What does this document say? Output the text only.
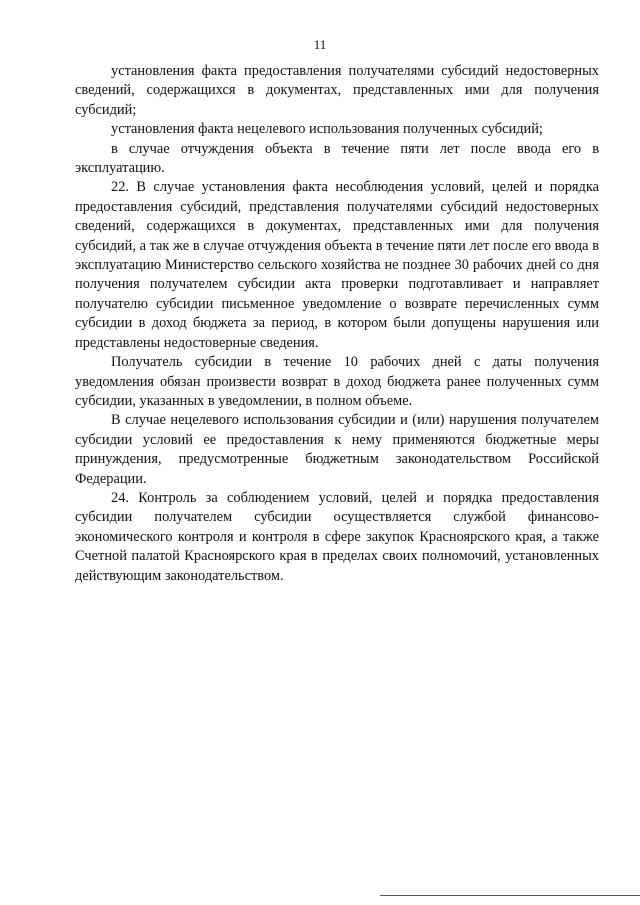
11

установления факта предоставления получателями субсидий недостоверных сведений, содержащихся в документах, представленных ими для получения субсидий;

установления факта нецелевого использования полученных субсидий;

в случае отчуждения объекта в течение пяти лет после ввода его в эксплуатацию.

22. В случае установления факта несоблюдения условий, целей и порядка предоставления субсидий, представления получателями субсидий недостоверных сведений, содержащихся в документах, представленных ими для получения субсидий, а так же в случае отчуждения объекта в течение пяти лет после его ввода в эксплуатацию Министерство сельского хозяйства не позднее 30 рабочих дней со дня получения получателем субсидии акта проверки подготавливает и направляет получателю субсидии письменное уведомление о возврате перечисленных сумм субсидии в доход бюджета за период, в котором были допущены нарушения или представлены недостоверные сведения.

Получатель субсидии в течение 10 рабочих дней с даты получения уведомления обязан произвести возврат в доход бюджета ранее полученных сумм субсидии, указанных в уведомлении, в полном объеме.

В случае нецелевого использования субсидии и (или) нарушения получателем субсидии условий ее предоставления к нему применяются бюджетные меры принуждения, предусмотренные бюджетным законодательством Российской Федерации.

24. Контроль за соблюдением условий, целей и порядка предоставления субсидии получателем субсидии осуществляется службой финансово-экономического контроля и контроля в сфере закупок Красноярского края, а также Счетной палатой Красноярского края в пределах своих полномочий, установленных действующим законодательством.
